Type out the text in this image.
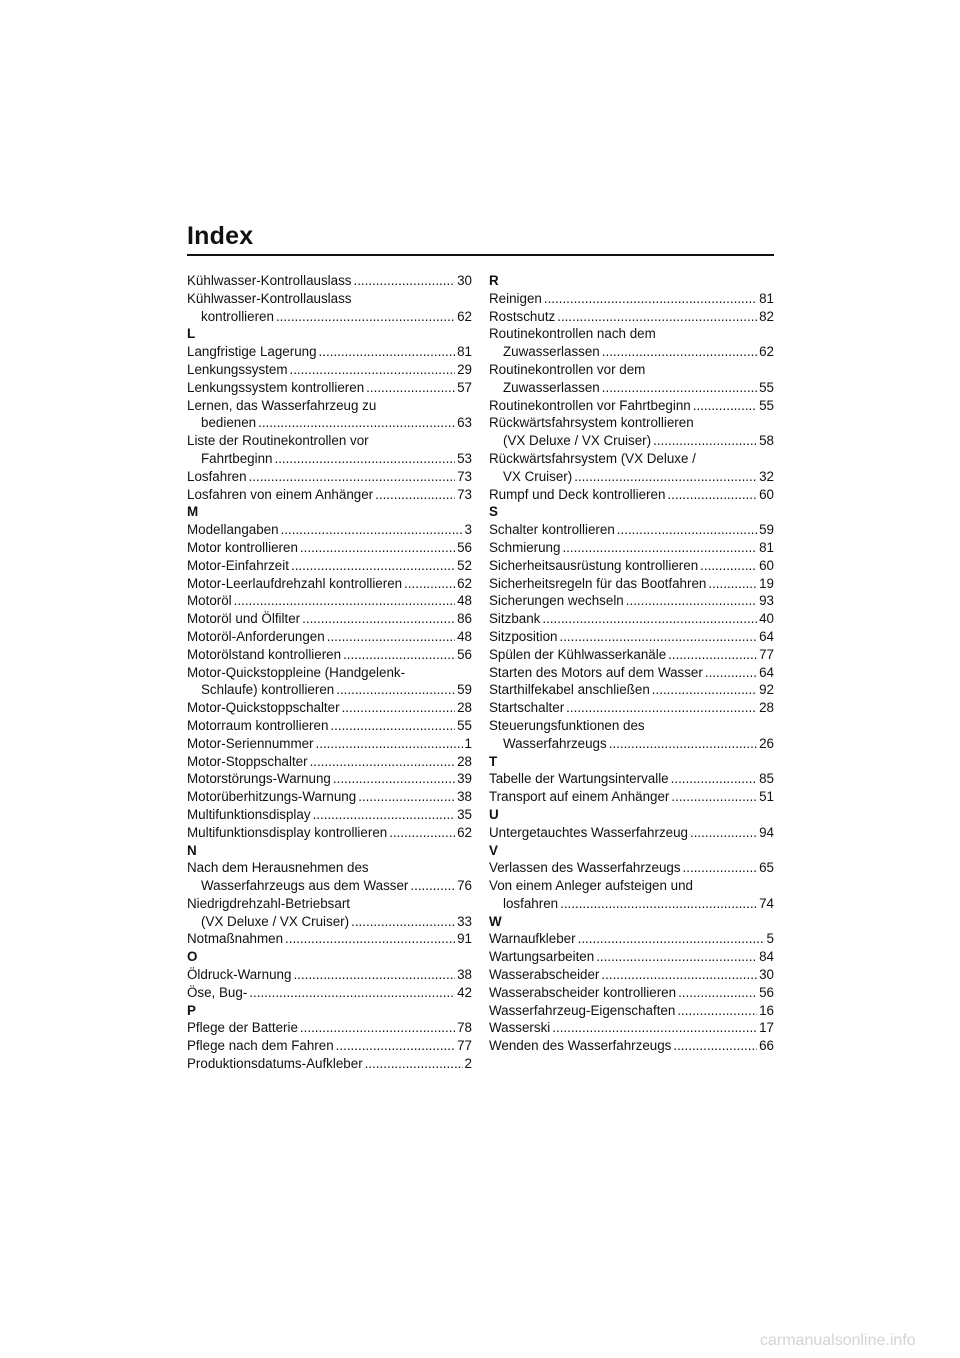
Index
Kühlwasser-Kontrollauslass .....	30
Kühlwasser-Kontrollauslass
kontrollieren .....	62
L
Langfristige Lagerung .....	81
Lenkungssystem .....	29
Lenkungssystem kontrollieren .....	57
Lernen, das Wasserfahrzeug zu
bedienen .....	63
Liste der Routinekontrollen vor
Fahrtbeginn .....	53
Losfahren .....	73
Losfahren von einem Anhänger .....	73
M
Modellangaben .....	3
Motor kontrollieren .....	56
Motor-Einfahrzeit .....	52
Motor-Leerlaufdrehzahl kontrollieren .....	62
Motoröl .....	48
Motoröl und Ölfilter .....	86
Motoröl-Anforderungen .....	48
Motorölstand kontrollieren .....	56
Motor-Quickstoppleine (Handgelenk-
Schlaufe) kontrollieren .....	59
Motor-Quickstoppschalter .....	28
Motorraum kontrollieren .....	55
Motor-Seriennummer .....	1
Motor-Stoppschalter .....	28
Motorstörungs-Warnung .....	39
Motorüberhitzungs-Warnung .....	38
Multifunktionsdisplay .....	35
Multifunktionsdisplay kontrollieren .....	62
N
Nach dem Herausnehmen des
Wasserfahrzeugs aus dem Wasser .....	76
Niedrigdrehzahl-Betriebsart
(VX Deluxe / VX Cruiser) .....	33
Notmaßnahmen .....	91
O
Öldruck-Warnung .....	38
Öse, Bug- .....	42
P
Pflege der Batterie .....	78
Pflege nach dem Fahren .....	77
Produktionsdatums-Aufkleber .....	2
R
Reinigen .....	81
Rostschutz .....	82
Routinekontrollen nach dem
Zuwasserlassen .....	62
Routinekontrollen vor dem
Zuwasserlassen .....	55
Routinekontrollen vor Fahrtbeginn .....	55
Rückwärtsfahrsystem kontrollieren
(VX Deluxe / VX Cruiser) .....	58
Rückwärtsfahrsystem (VX Deluxe /
VX Cruiser) .....	32
Rumpf und Deck kontrollieren .....	60
S
Schalter kontrollieren .....	59
Schmierung .....	81
Sicherheitsausrüstung kontrollieren .....	60
Sicherheitsregeln für das Bootfahren .....	19
Sicherungen wechseln .....	93
Sitzbank .....	40
Sitzposition .....	64
Spülen der Kühlwasserkanäle .....	77
Starten des Motors auf dem Wasser .....	64
Starthilfekabel anschließen .....	92
Startschalter .....	28
Steuerungsfunktionen des
Wasserfahrzeugs .....	26
T
Tabelle der Wartungsintervalle .....	85
Transport auf einem Anhänger .....	51
U
Untergetauchtes Wasserfahrzeug .....	94
V
Verlassen des Wasserfahrzeugs .....	65
Von einem Anleger aufsteigen und
losfahren .....	74
W
Warnaufkleber .....	5
Wartungsarbeiten .....	84
Wasserabscheider .....	30
Wasserabscheider kontrollieren .....	56
Wasserfahrzeug-Eigenschaften .....	16
Wasserski .....	17
Wenden des Wasserfahrzeugs .....	66
carmanualsonline.info
